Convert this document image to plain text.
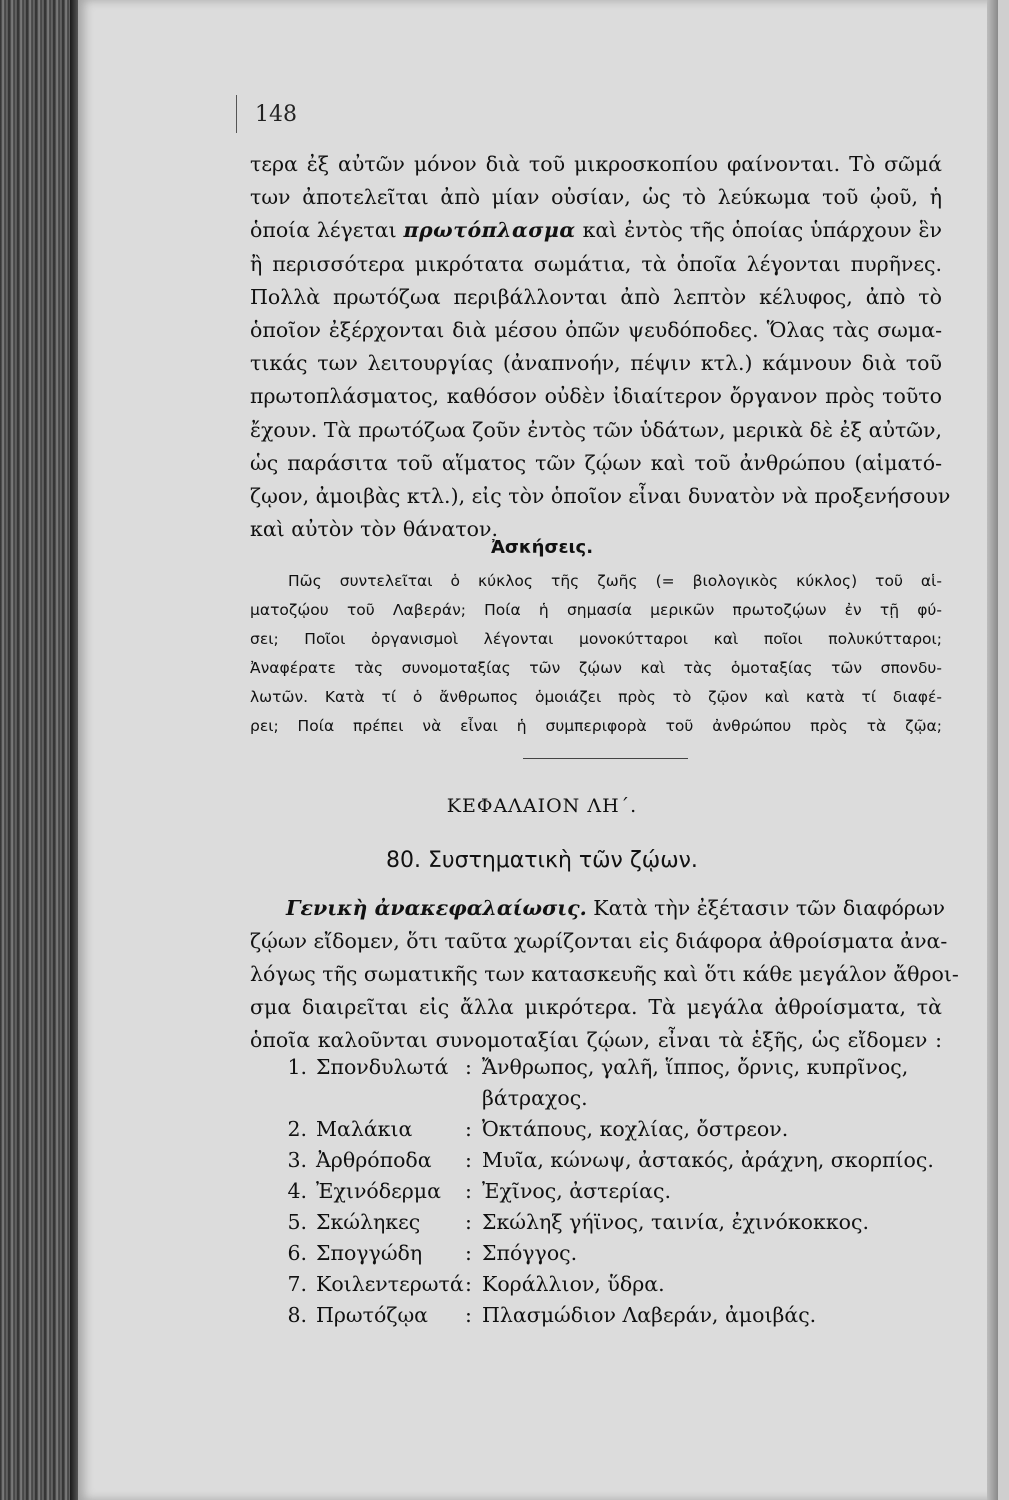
148
τερα ἐξ αὐτῶν μόνον διὰ τοῦ μικροσκοπίου φαίνονται. Τὸ σῶμά
των ἀποτελεῖται ἀπὸ μίαν οὐσίαν, ὡς τὸ λεύκωμα τοῦ ᾠοῦ, ἡ
ὁποία λέγεται πρωτόπλασμα καὶ ἐντὸς τῆς ὁποίας ὑπάρχουν ἓν
ἢ περισσότερα μικρότατα σωμάτια, τὰ ὁποῖα λέγονται πυρῆνες.
Πολλὰ πρωτόζωα περιβάλλονται ἀπὸ λεπτὸν κέλυφος, ἀπὸ τὸ
ὁποῖον ἐξέρχονται διὰ μέσου ὀπῶν ψευδόποδες. Ὅλας τὰς σωμα-
τικάς των λειτουργίας (ἀναπνοήν, πέψιν κτλ.) κάμνουν διὰ τοῦ
πρωτοπλάσματος, καθόσον οὐδὲν ἰδιαίτερον ὄργανον πρὸς τοῦτο
ἔχουν. Τὰ πρωτόζωα ζοῦν ἐντὸς τῶν ὑδάτων, μερικὰ δὲ ἐξ αὐτῶν,
ὡς παράσιτα τοῦ αἵματος τῶν ζῴων καὶ τοῦ ἀνθρώπου (αἱματό-
ζῳον, ἀμοιβὰς κτλ.), εἰς τὸν ὁποῖον εἶναι δυνατὸν νὰ προξενήσουν
καὶ αὐτὸν τὸν θάνατον.
Ἀσκήσεις.
Πῶς συντελεῖται ὁ κύκλος τῆς ζωῆς (= βιολογικὸς κύκλος) τοῦ αἱ-
ματοζῴου τοῦ Λαβεράν; Ποία ἡ σημασία μερικῶν πρωτοζῴων ἐν τῇ φύ-
σει; Ποῖοι ὀργανισμοὶ λέγονται μονοκύτταροι καὶ ποῖοι πολυκύτταροι;
Ἀναφέρατε τὰς συνομοταξίας τῶν ζῴων καὶ τὰς ὁμοταξίας τῶν σπονδυ-
λωτῶν. Κατὰ τί ὁ ἄνθρωπος ὁμοιάζει πρὸς τὸ ζῷον καὶ κατὰ τί διαφέ-
ρει; Ποία πρέπει νὰ εἶναι ἡ συμπεριφορὰ τοῦ ἀνθρώπου πρὸς τὰ ζῷα;
ΚΕΦΑΛΑΙΟΝ ΛΗ΄.
80. Συστηματικὴ τῶν ζῴων.
Γενικὴ ἀνακεφαλαίωσις. Κατὰ τὴν ἐξέτασιν τῶν διαφόρων
ζῴων εἴδομεν, ὅτι ταῦτα χωρίζονται εἰς διάφορα ἀθροίσματα ἀνα-
λόγως τῆς σωματικῆς των κατασκευῆς καὶ ὅτι κάθε μεγάλον ἄθροι-
σμα διαιρεῖται εἰς ἄλλα μικρότερα. Τὰ μεγάλα ἀθροίσματα, τὰ
ὁποῖα καλοῦνται συνομοταξίαι ζῴων, εἶναι τὰ ἑξῆς, ὡς εἴδομεν :
1. Σπονδυλωτά : Ἄνθρωπος, γαλῆ, ἵππος, ὄρνις, κυπρῖνος,
βάτραχος.
2. Μαλάκια	: Ὀκτάπους, κοχλίας, ὄστρεον.
3. Ἀρθρόποδα : Μυῖα, κώνωψ, ἀστακός, ἀράχνη, σκορπίος.
4. Ἐχινόδερμα : Ἐχῖνος, ἀστερίας.
5. Σκώληκες : Σκώληξ γήϊνος, ταινία, ἐχινόκοκκος.
6. Σπογγώδη : Σπόγγος.
7. Κοιλεντερωτά : Κοράλλιον, ὕδρα.
8. Πρωτόζῳα : Πλασμώδιον Λαβεράν, ἀμοιβάς.
